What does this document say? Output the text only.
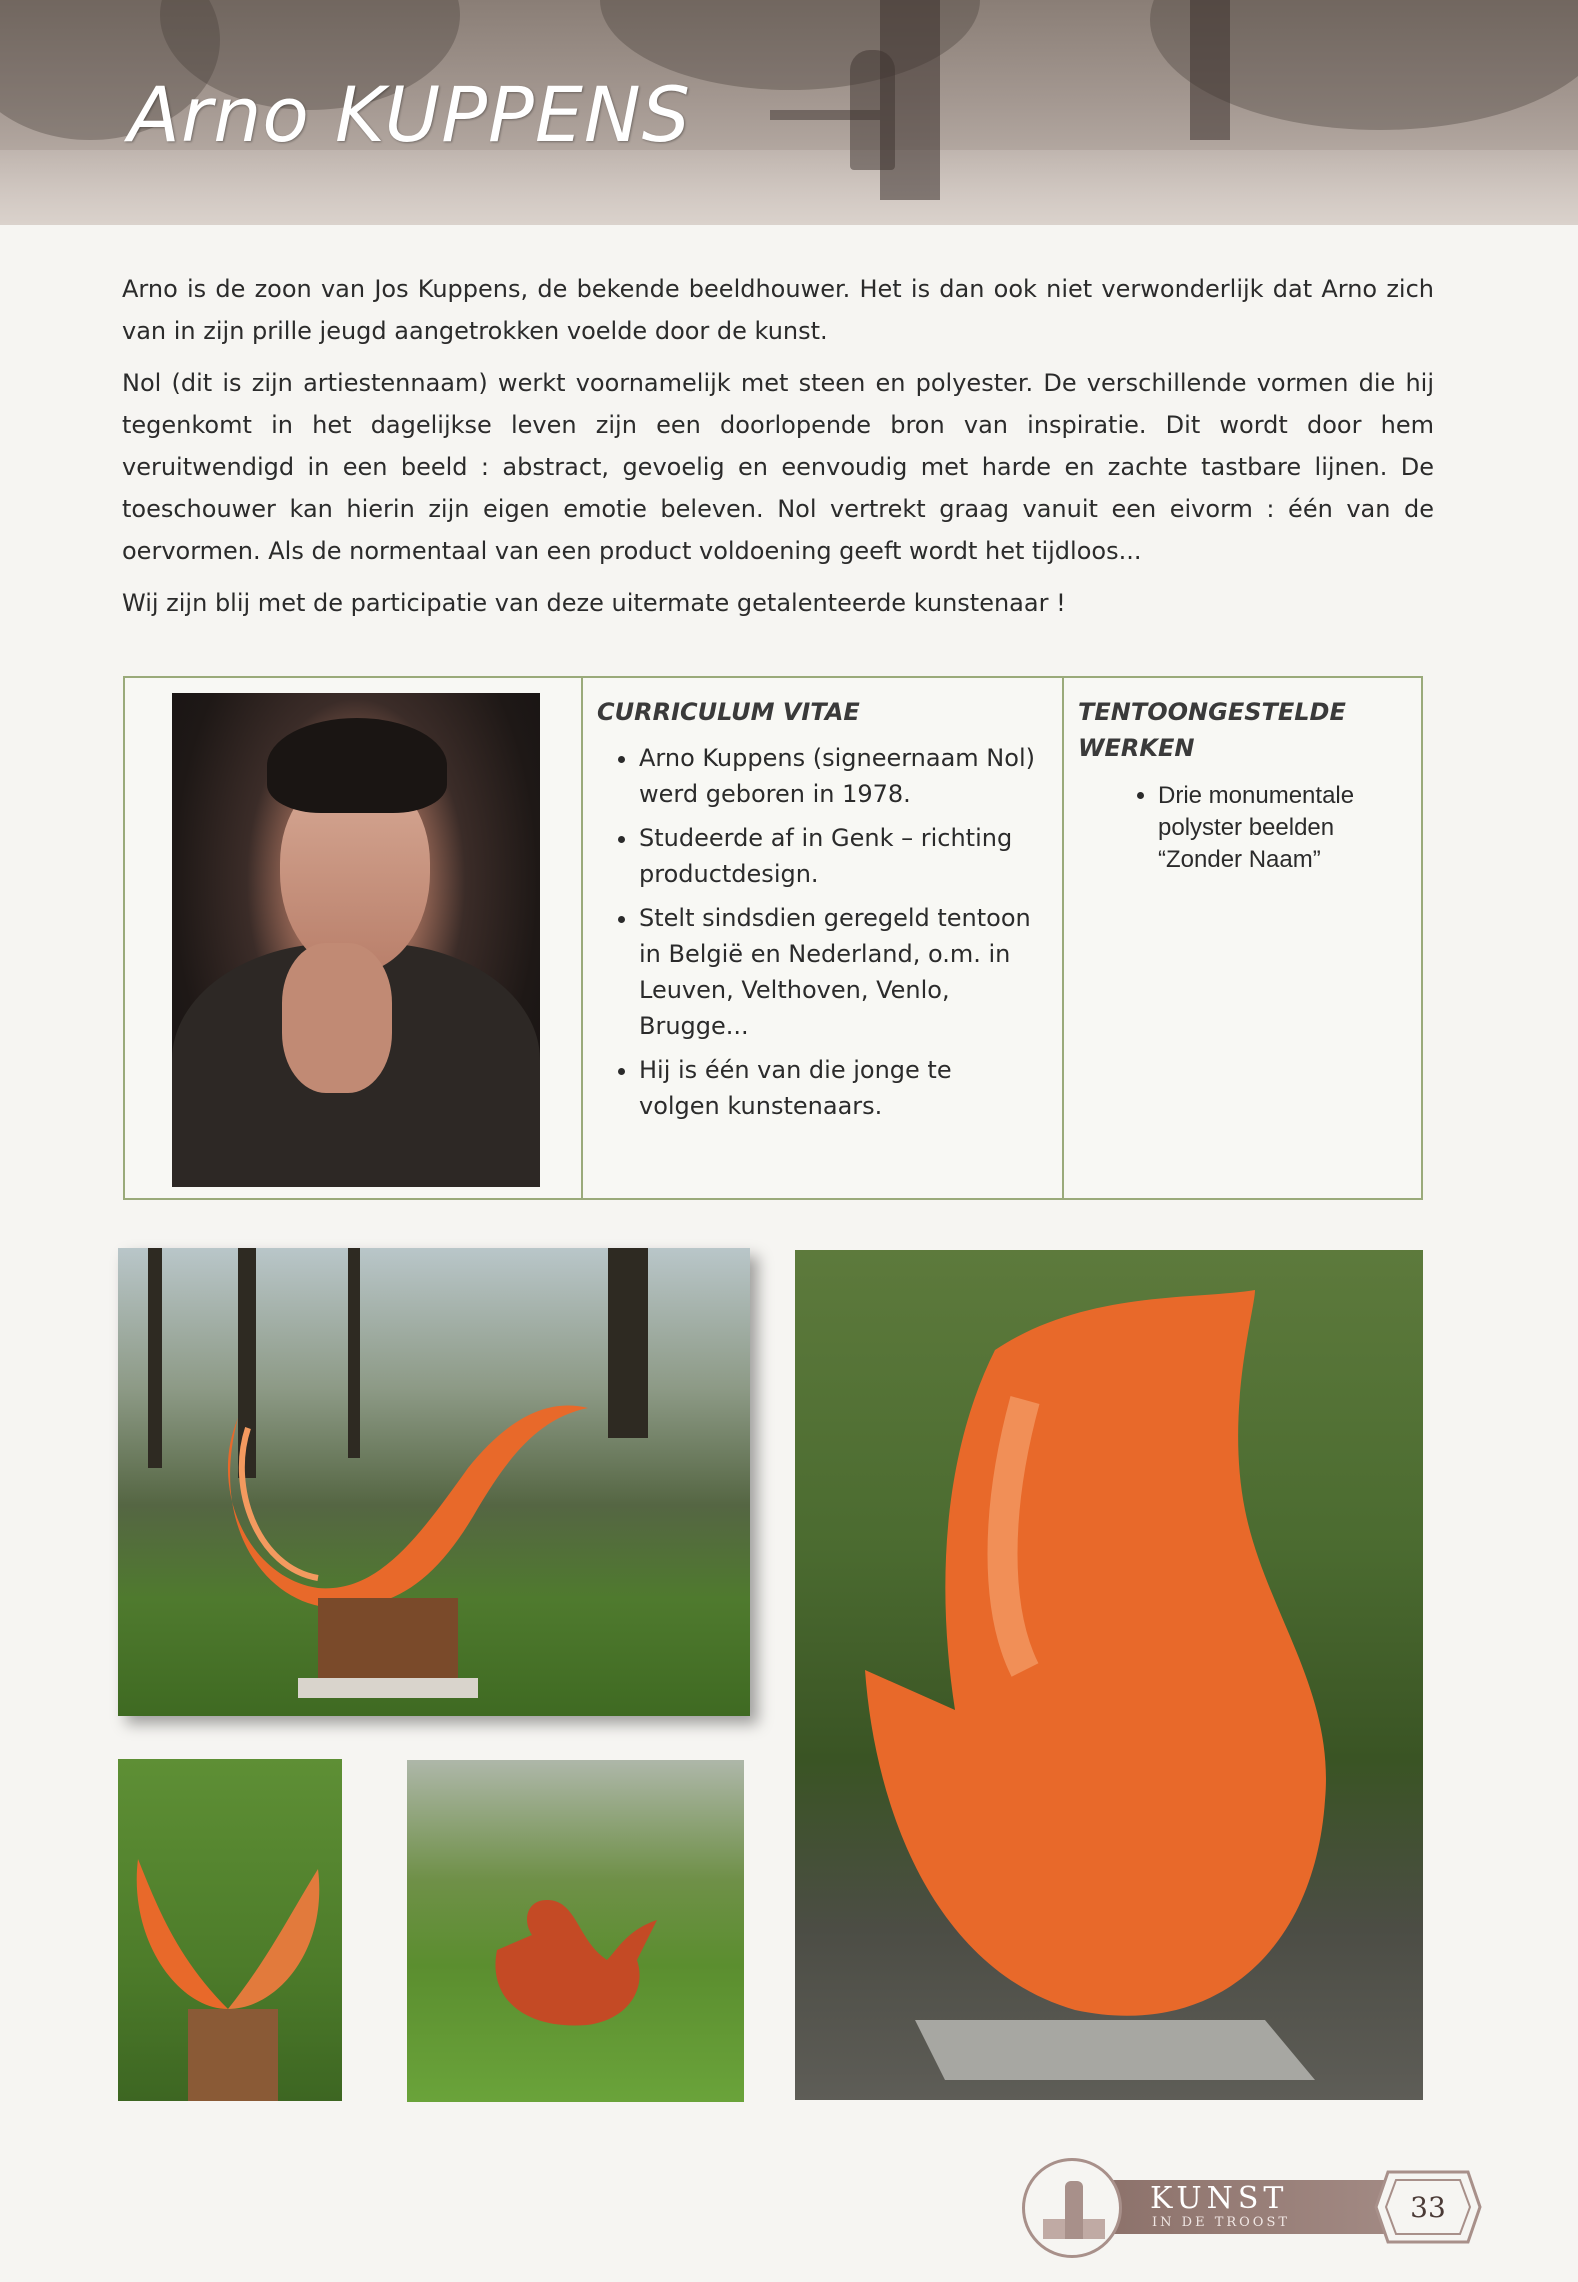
Arno KUPPENS

Arno is de zoon van Jos Kuppens, de bekende beeldhouwer. Het is dan ook niet verwonderlijk dat Arno zich van in zijn prille jeugd aangetrokken voelde door de kunst.

Nol (dit is zijn artiestennaam) werkt voornamelijk met steen en polyester. De verschillende vormen die hij tegenkomt in het dagelijkse leven zijn een doorlopende bron van inspiratie. Dit wordt door hem veruitwendigd in een beeld : abstract, gevoelig en eenvoudig met harde en zachte tastbare lijnen. De toeschouwer kan hierin zijn eigen emotie beleven. Nol vertrekt graag vanuit een eivorm : één van de oervormen. Als de normentaal van een product voldoening geeft wordt het tijdloos...

Wij zijn blij met de participatie van deze uitermate getalenteerde kunstenaar !

CURRICULUM VITAE
• Arno Kuppens (signeernaam Nol) werd geboren in 1978.
• Studeerde af in Genk – richting productdesign.
• Stelt sindsdien geregeld tentoon in België en Nederland, o.m. in Leuven, Velthoven, Venlo, Brugge...
• Hij is één van die jonge te volgen kunstenaars.
TENTOONGESTELDE WERKEN
• Drie monumentale polyster beelden “Zonder Naam”
KUNST
IN DE TROOST	33
